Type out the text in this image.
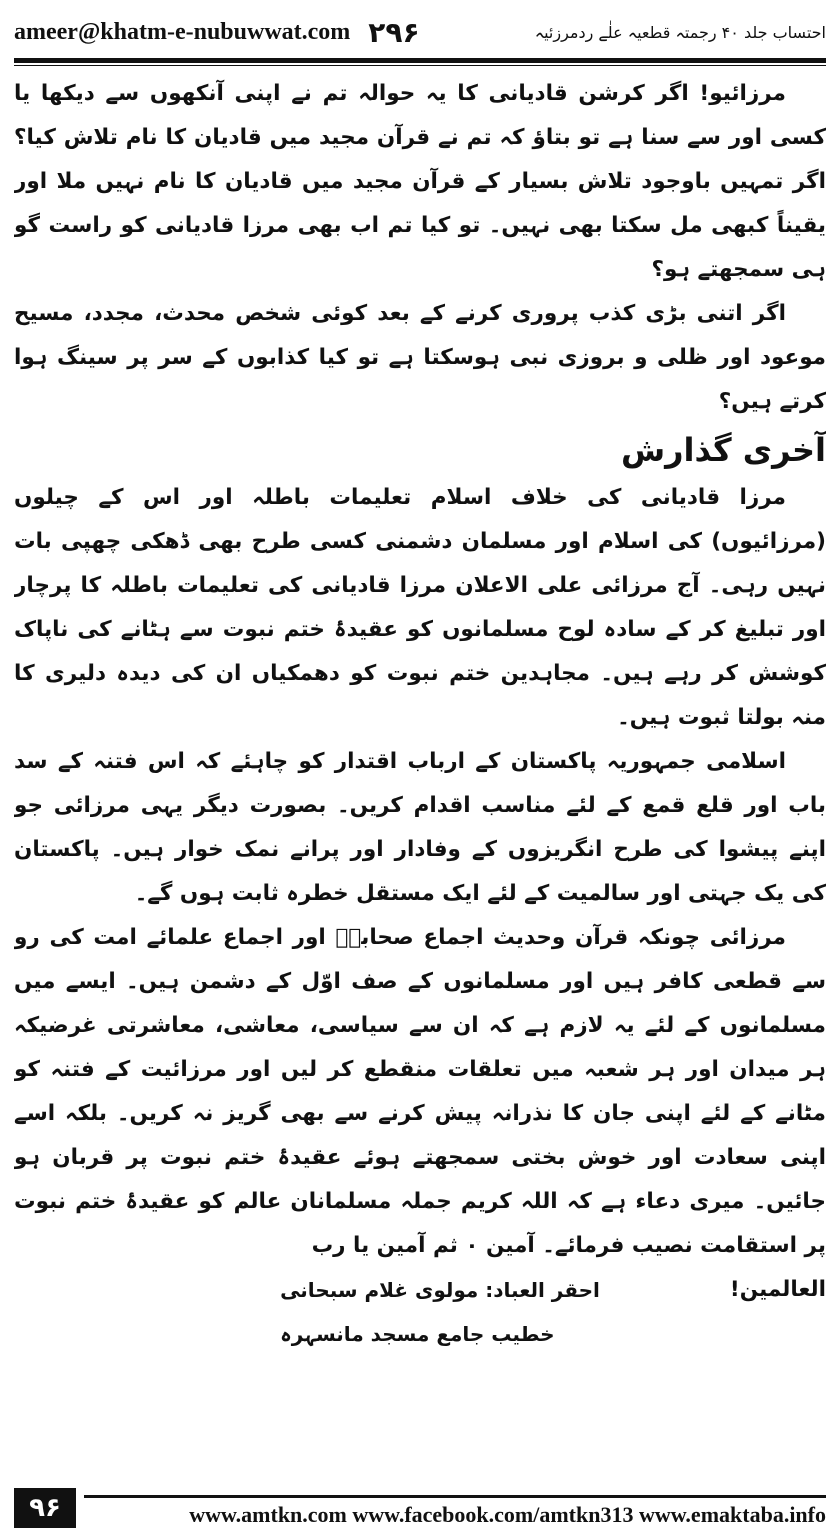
ameer@khatm-e-nubuwwat.com ۲۹۶	احتساب جلد ۴۰ رجمتہ قطعیہ علٰے ردمرزئیہ

مرزائیو! اگر کرشن قادیانی کا یہ حوالہ تم نے اپنی آنکھوں سے دیکھا یا کسی اور سے سنا ہے تو بتاؤ کہ تم نے قرآن مجید میں قادیان کا نام تلاش کیا؟ اگر تمہیں باوجود تلاش بسیار کے قرآن مجید میں قادیان کا نام نہیں ملا اور یقیناً کبھی مل سکتا بھی نہیں۔ تو کیا تم اب بھی مرزا قادیانی کو راست گو ہی سمجھتے ہو؟

اگر اتنی بڑی کذب پروری کرنے کے بعد کوئی شخص محدث، مجدد، مسیح موعود اور ظلی و بروزی نبی ہوسکتا ہے تو کیا کذابوں کے سر پر سینگ ہوا کرتے ہیں؟

آخری گذارش

مرزا قادیانی کی خلاف اسلام تعلیمات باطلہ اور اس کے چیلوں (مرزائیوں) کی اسلام اور مسلمان دشمنی کسی طرح بھی ڈھکی چھپی بات نہیں رہی۔ آج مرزائی علی الاعلان مرزا قادیانی کی تعلیمات باطلہ کا پرچار اور تبلیغ کر کے سادہ لوح مسلمانوں کو عقیدۂ ختم نبوت سے ہٹانے کی ناپاک کوشش کر رہے ہیں۔ مجاہدین ختم نبوت کو دھمکیاں ان کی دیدہ دلیری کا منہ بولتا ثبوت ہیں۔

اسلامی جمہوریہ پاکستان کے ارباب اقتدار کو چاہئے کہ اس فتنہ کے سد باب اور قلع قمع کے لئے مناسب اقدام کریں۔ بصورت دیگر یہی مرزائی جو اپنے پیشوا کی طرح انگریزوں کے وفادار اور پرانے نمک خوار ہیں۔ پاکستان کی یک جہتی اور سالمیت کے لئے ایک مستقل خطرہ ثابت ہوں گے۔

مرزائی چونکہ قرآن وحدیث اجماع صحابہؓ اور اجماع علمائے امت کی رو سے قطعی کافر ہیں اور مسلمانوں کے صف اوّل کے دشمن ہیں۔ ایسے میں مسلمانوں کے لئے یہ لازم ہے کہ ان سے سیاسی، معاشی، معاشرتی غرضیکہ ہر میدان اور ہر شعبہ میں تعلقات منقطع کر لیں اور مرزائیت کے فتنہ کو مٹانے کے لئے اپنی جان کا نذرانہ پیش کرنے سے بھی گریز نہ کریں۔ بلکہ اسے اپنی سعادت اور خوش بختی سمجھتے ہوئے عقیدۂ ختم نبوت پر قربان ہو جائیں۔ میری دعاء ہے کہ اللہ کریم جملہ مسلمانان عالم کو عقیدۂ ختم نبوت پر استقامت نصیب فرمائے۔ آمین ۰ ثم آمین یا رب

العالمین!
احقر العباد: مولوی غلام سبحانی
خطیب جامع مسجد مانسہرہ
۹۶	www.amtkn.com www.facebook.com/amtkn313 www.emaktaba.info
